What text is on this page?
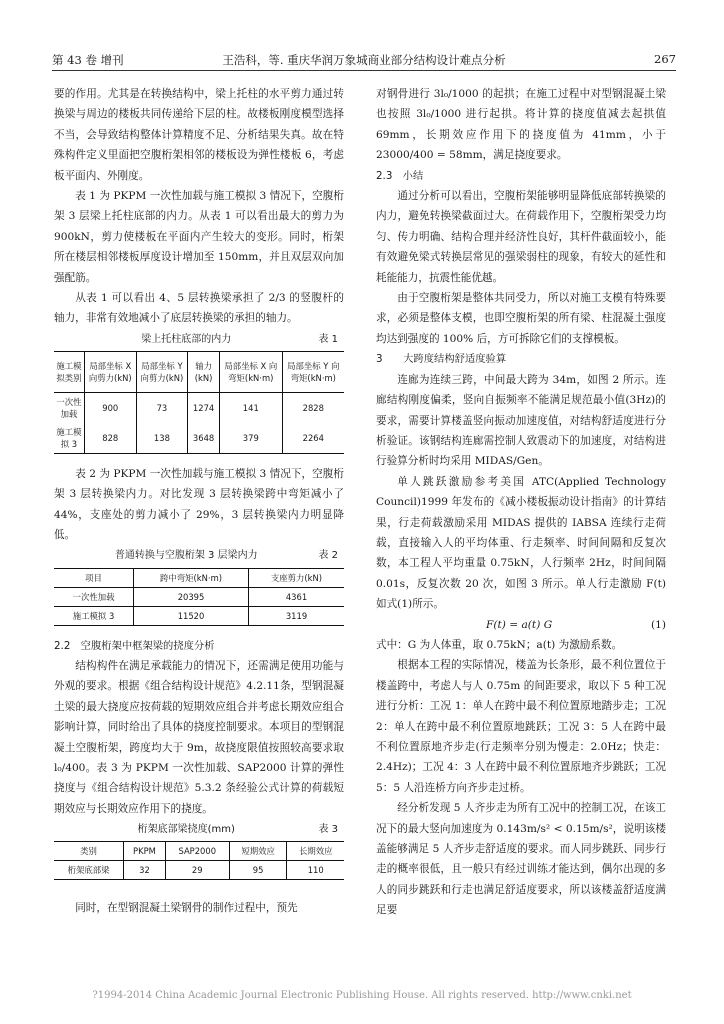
第 43 卷 增刊	王浩科，等. 重庆华润万象城商业部分结构设计难点分析	267

要的作用。尤其是在转换结构中，梁上托柱的水平剪力通过转换梁与周边的楼板共同传递给下层的柱。故楼板刚度模型选择不当，会导致结构整体计算精度不足、分析结果失真。故在特殊构件定义里面把空腹桁架相邻的楼板设为弹性楼板 6，考虑板平面内、外刚度。

表 1 为 PKPM 一次性加载与施工模拟 3 情况下，空腹桁架 3 层梁上托柱底部的内力。从表 1 可以看出最大的剪力为 900kN，剪力使楼板在平面内产生较大的变形。同时，桁架所在楼层相邻楼板厚度设计增加至 150mm，并且双层双向加强配筋。

从表 1 可以看出 4、5 层转换梁承担了 2/3 的竖腹杆的轴力，非常有效地减小了底层转换梁的承担的轴力。

梁上托柱底部的内力	表 1
施工模拟类别	局部坐标 X 向剪力(kN)	局部坐标 Y 向剪力(kN)	轴力(kN)	局部坐标 X 向弯矩(kN·m)	局部坐标 Y 向弯矩(kN·m)
一次性加载	900	73	1274	141	2828
施工模拟 3	828	138	3648	379	2264

表 2 为 PKPM 一次性加载与施工模拟 3 情况下，空腹桁架 3 层转换梁内力。对比发现 3 层转换梁跨中弯矩减小了 44%，支座处的剪力减小了 29%，3 层转换梁内力明显降低。

普通转换与空腹桁架 3 层梁内力	表 2
项目	跨中弯矩(kN·m)	支座剪力(kN)
一次性加载	20395	4361
施工模拟 3	11520	3119

2.2　空腹桁架中框架梁的挠度分析

结构构件在满足承载能力的情况下，还需满足使用功能与外观的要求。根据《组合结构设计规范》4.2.11条，型钢混凝土梁的最大挠度应按荷载的短期效应组合并考虑长期效应组合影响计算，同时给出了具体的挠度控制要求。本项目的型钢混凝土空腹桁架，跨度均大于 9m，故挠度限值按照较高要求取 l₀/400。表 3 为 PKPM 一次性加载、SAP2000 计算的弹性挠度与《组合结构设计规范》5.3.2 条经验公式计算的荷载短期效应与长期效应作用下的挠度。

桁架底部梁挠度(mm)	表 3
类别	PKPM	SAP2000	短期效应	长期效应
桁架底部梁	32	29	95	110

同时，在型钢混凝土梁钢骨的制作过程中，预先

对钢骨进行 3l₀/1000 的起拱；在施工过程中对型钢混凝土梁也按照 3l₀/1000 进行起拱。将计算的挠度值减去起拱值 69mm，长期效应作用下的挠度值为 41mm，小于 23000/400 = 58mm，满足挠度要求。

2.3　小结

通过分析可以看出，空腹桁架能够明显降低底部转换梁的内力，避免转换梁截面过大。在荷载作用下，空腹桁架受力均匀、传力明确、结构合理并经济性良好，其杆件截面较小，能有效避免梁式转换层常见的强梁弱柱的现象，有较大的延性和耗能能力，抗震性能优越。

由于空腹桁架是整体共同受力，所以对施工支模有特殊要求，必须是整体支模，也即空腹桁架的所有梁、柱混凝土强度均达到强度的 100% 后，方可拆除它们的支撑模板。

3　　大跨度结构舒适度验算

连廊为连续三跨，中间最大跨为 34m，如图 2 所示。连廊结构刚度偏柔，竖向自振频率不能满足规范最小值(3Hz)的要求，需要计算楼盖竖向振动加速度值，对结构舒适度进行分析验证。该钢结构连廊需控制人致震动下的加速度，对结构进行验算分析时均采用 MIDAS/Gen。

单人跳跃激励参考美国 ATC(Applied Technology Council)1999 年发布的《减小楼板振动设计指南》的计算结果，行走荷载激励采用 MIDAS 提供的 IABSA 连续行走荷载，直接输入人的平均体重、行走频率、时间间隔和反复次数，本工程人平均重量 0.75kN，人行频率 2Hz，时间间隔 0.01s，反复次数 20 次，如图 3 所示。单人行走激励 F(t) 如式(1)所示。

F(t) = a(t) G	(1)

式中：G 为人体重，取 0.75kN；a(t) 为激励系数。

根据本工程的实际情况，楼盖为长条形，最不利位置位于楼盖跨中，考虑人与人 0.75m 的间距要求，取以下 5 种工况进行分析：工况 1：单人在跨中最不利位置原地踏步走；工况 2：单人在跨中最不利位置原地跳跃；工况 3：5 人在跨中最不利位置原地齐步走(行走频率分别为慢走：2.0Hz；快走：2.4Hz)；工况 4：3 人在跨中最不利位置原地齐步跳跃；工况 5：5 人沿连桥方向齐步走过桥。

经分析发现 5 人齐步走为所有工况中的控制工况，在该工况下的最大竖向加速度为 0.143m/s² < 0.15m/s²，说明该楼盖能够满足 5 人齐步走舒适度的要求。而人同步跳跃、同步行走的概率很低，且一般只有经过训练才能达到，偶尔出现的多人的同步跳跃和行走也满足舒适度要求，所以该楼盖舒适度满足要

?1994-2014 China Academic Journal Electronic Publishing House. All rights reserved. http://www.cnki.net
